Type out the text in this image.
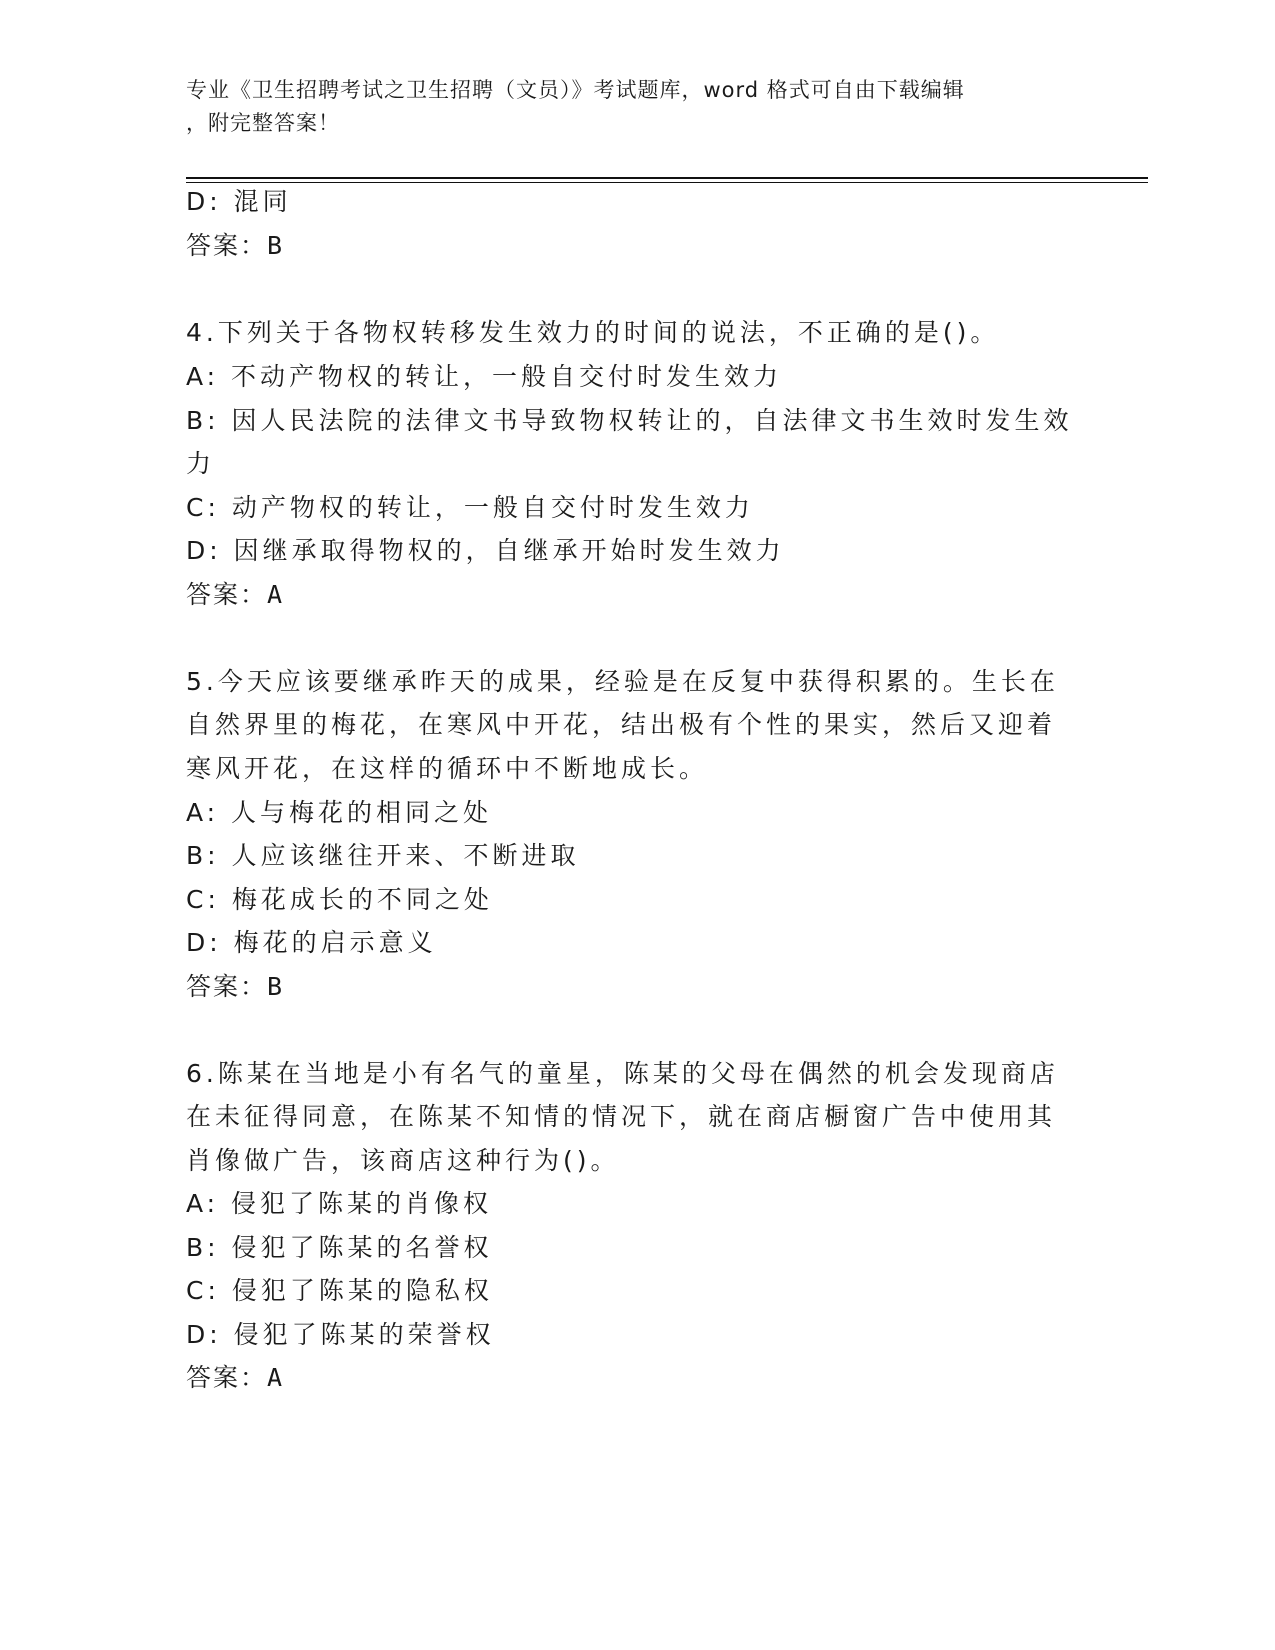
专业《卫生招聘考试之卫生招聘（文员）》考试题库，word 格式可自由下载编辑
，附完整答案！
D: 混同
答案：B
4.下列关于各物权转移发生效力的时间的说法，不正确的是()。
A: 不动产物权的转让，一般自交付时发生效力
B: 因人民法院的法律文书导致物权转让的，自法律文书生效时发生效
力
C: 动产物权的转让，一般自交付时发生效力
D: 因继承取得物权的，自继承开始时发生效力
答案：A
5.今天应该要继承昨天的成果，经验是在反复中获得积累的。生长在
自然界里的梅花，在寒风中开花，结出极有个性的果实，然后又迎着
寒风开花，在这样的循环中不断地成长。
A: 人与梅花的相同之处
B: 人应该继往开来、不断进取
C: 梅花成长的不同之处
D: 梅花的启示意义
答案：B
6.陈某在当地是小有名气的童星，陈某的父母在偶然的机会发现商店
在未征得同意，在陈某不知情的情况下，就在商店橱窗广告中使用其
肖像做广告，该商店这种行为()。
A: 侵犯了陈某的肖像权
B: 侵犯了陈某的名誉权
C: 侵犯了陈某的隐私权
D: 侵犯了陈某的荣誉权
答案：A
